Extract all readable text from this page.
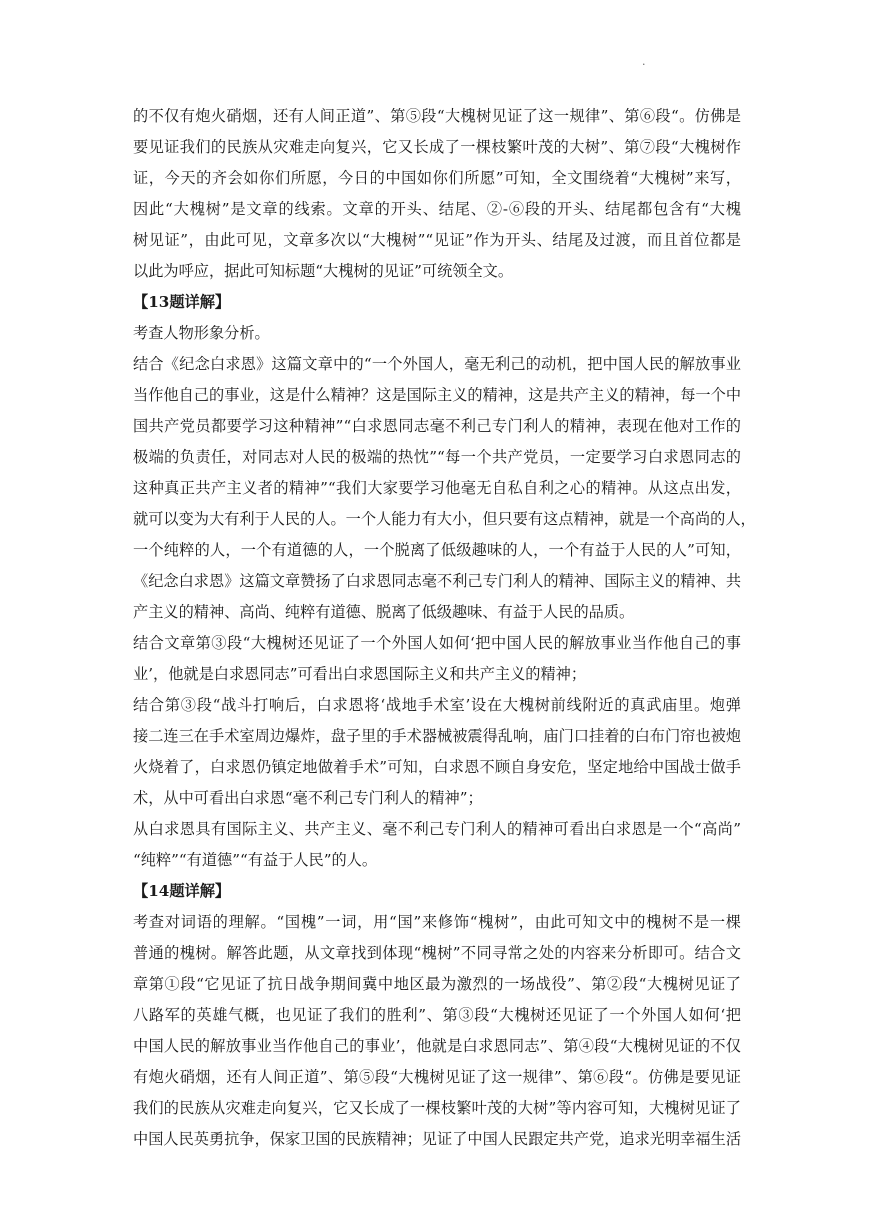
.
的不仅有炮火硝烟，还有人间正道”、第⑤段“大槐树见证了这一规律”、第⑥段“。仿佛是
要见证我们的民族从灾难走向复兴，它又长成了一棵枝繁叶茂的大树”、第⑦段“大槐树作
证，今天的齐会如你们所愿，今日的中国如你们所愿”可知，全文围绕着“大槐树”来写，
因此“大槐树”是文章的线索。文章的开头、结尾、②-⑥段的开头、结尾都包含有“大槐
树见证”，由此可见，文章多次以“大槐树”“见证”作为开头、结尾及过渡，而且首位都是
以此为呼应，据此可知标题“大槐树的见证”可统领全文。
【13题详解】
考查人物形象分析。
结合《纪念白求恩》这篇文章中的“一个外国人，毫无利己的动机，把中国人民的解放事业
当作他自己的事业，这是什么精神？这是国际主义的精神，这是共产主义的精神，每一个中
国共产党员都要学习这种精神”“白求恩同志毫不利己专门利人的精神，表现在他对工作的
极端的负责任，对同志对人民的极端的热忱”“每一个共产党员，一定要学习白求恩同志的
这种真正共产主义者的精神”“我们大家要学习他毫无自私自利之心的精神。从这点出发，
就可以变为大有利于人民的人。一个人能力有大小，但只要有这点精神，就是一个高尚的人，
一个纯粹的人，一个有道德的人，一个脱离了低级趣味的人，一个有益于人民的人”可知，
《纪念白求恩》这篇文章赞扬了白求恩同志毫不利己专门利人的精神、国际主义的精神、共
产主义的精神、高尚、纯粹有道德、脱离了低级趣味、有益于人民的品质。
结合文章第③段“大槐树还见证了一个外国人如何‘把中国人民的解放事业当作他自己的事
业’，他就是白求恩同志”可看出白求恩国际主义和共产主义的精神；
结合第③段“战斗打响后，白求恩将‘战地手术室’设在大槐树前线附近的真武庙里。炮弹
接二连三在手术室周边爆炸，盘子里的手术器械被震得乱响，庙门口挂着的白布门帘也被炮
火烧着了，白求恩仍镇定地做着手术”可知，白求恩不顾自身安危，坚定地给中国战士做手
术，从中可看出白求恩“毫不利己专门利人的精神”；
从白求恩具有国际主义、共产主义、毫不利己专门利人的精神可看出白求恩是一个“高尚”
“纯粹”“有道德”“有益于人民”的人。
【14题详解】
考查对词语的理解。“国槐”一词，用“国”来修饰“槐树”，由此可知文中的槐树不是一棵
普通的槐树。解答此题，从文章找到体现“槐树”不同寻常之处的内容来分析即可。结合文
章第①段“它见证了抗日战争期间冀中地区最为激烈的一场战役”、第②段“大槐树见证了
八路军的英雄气概，也见证了我们的胜利”、第③段“大槐树还见证了一个外国人如何‘把
中国人民的解放事业当作他自己的事业’，他就是白求恩同志”、第④段“大槐树见证的不仅
有炮火硝烟，还有人间正道”、第⑤段“大槐树见证了这一规律”、第⑥段“。仿佛是要见证
我们的民族从灾难走向复兴，它又长成了一棵枝繁叶茂的大树”等内容可知，大槐树见证了
中国人民英勇抗争，保家卫国的民族精神；见证了中国人民跟定共产党，追求光明幸福生活
